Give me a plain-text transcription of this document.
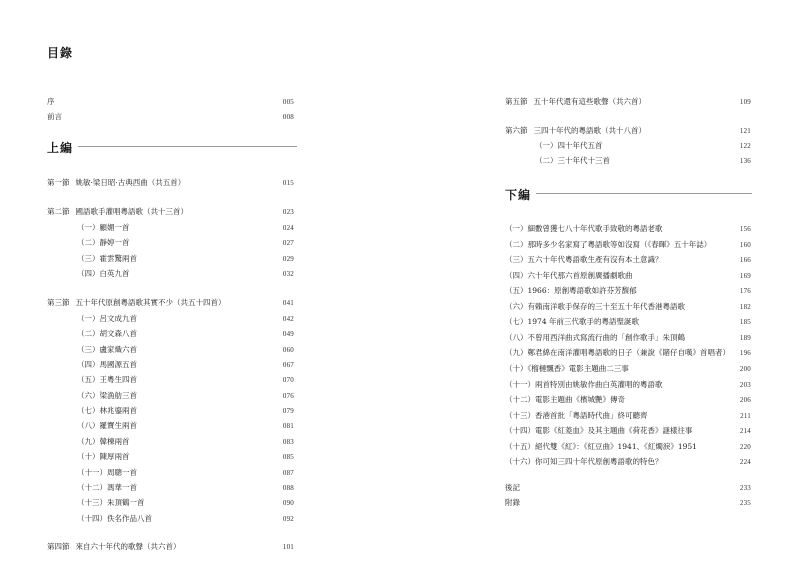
目錄
序	005
前言	008
上編
第一節 姚敏·梁日昭·古典西曲（共五首）	015
第二節 國語歌手灌唱粵語歌（共十三首）	023
（一）顧媚一首	024
（二）靜婷一首	027
（三）霍雲驚兩首	029
（四）白英九首	032
第三節 五十年代原創粵語歌其實不少（共五十四首）	041
（一）呂文成九首	042
（二）胡文森八首	049
（三）盧家熾六首	060
（四）馬國源五首	067
（五）王粵生四首	070
（六）梁漁舫三首	076
（七）林兆鎏兩首	079
（八）羅寶生兩首	081
（九）韓棟兩首	083
（十）陳厚兩首	085
（十一）周聰一首	087
（十二）馮華一首	088
（十三）朱頂鶴一首	090
（十四）佚名作品八首	092
第四節 來自六十年代的歌聲（共六首）	101
第五節 五十年代還有這些歌聲（共六首）	109
第六節 三四十年代的粵語歌（共十八首）	121
（一）四十年代五首	122
（二）三十年代十三首	136
下編
（一）細數曾獲七八十年代歌手致敬的粵語老歌	156
（二）那時多少名家寫了粵語歌等如沒寫（《春暉》五十年誌）	160
（三）五六十年代粵語歌生產有沒有本土意識？	166
（四）六十年代那六首原創廣播劇歌曲	169
（五）1966：原創粵語歌如許芬芳馥郁	176
（六）有賴南洋歌手保存的三十至五十年代香港粵語歌	182
（七）1974 年前三代歌手的粵語聖誕歌	185
（八）不曾用西洋曲式寫流行曲的「創作歌手」朱頂鶴	189
（九）鄭君綿在南洋灌唱粵語歌的日子（兼說《賭仔自嘆》首唱者） 196
（十）《榴槤飄香》電影主題曲二三事	200
（十一）兩首特別由姚敏作曲白英灌唱的粵語歌	203
（十二）電影主題曲《檳城艷》傳奇	206
（十三）香港首批「粵語時代曲」終可聽齊	211
（十四）電影《紅菱血》及其主題曲《荷花香》謎樣往事	214
（十五）絕代雙《紅》：《紅豆曲》1941、《紅燭淚》1951	220
（十六）你可知三四十年代原創粵語歌的特色？	224
後記	233
附錄	235
